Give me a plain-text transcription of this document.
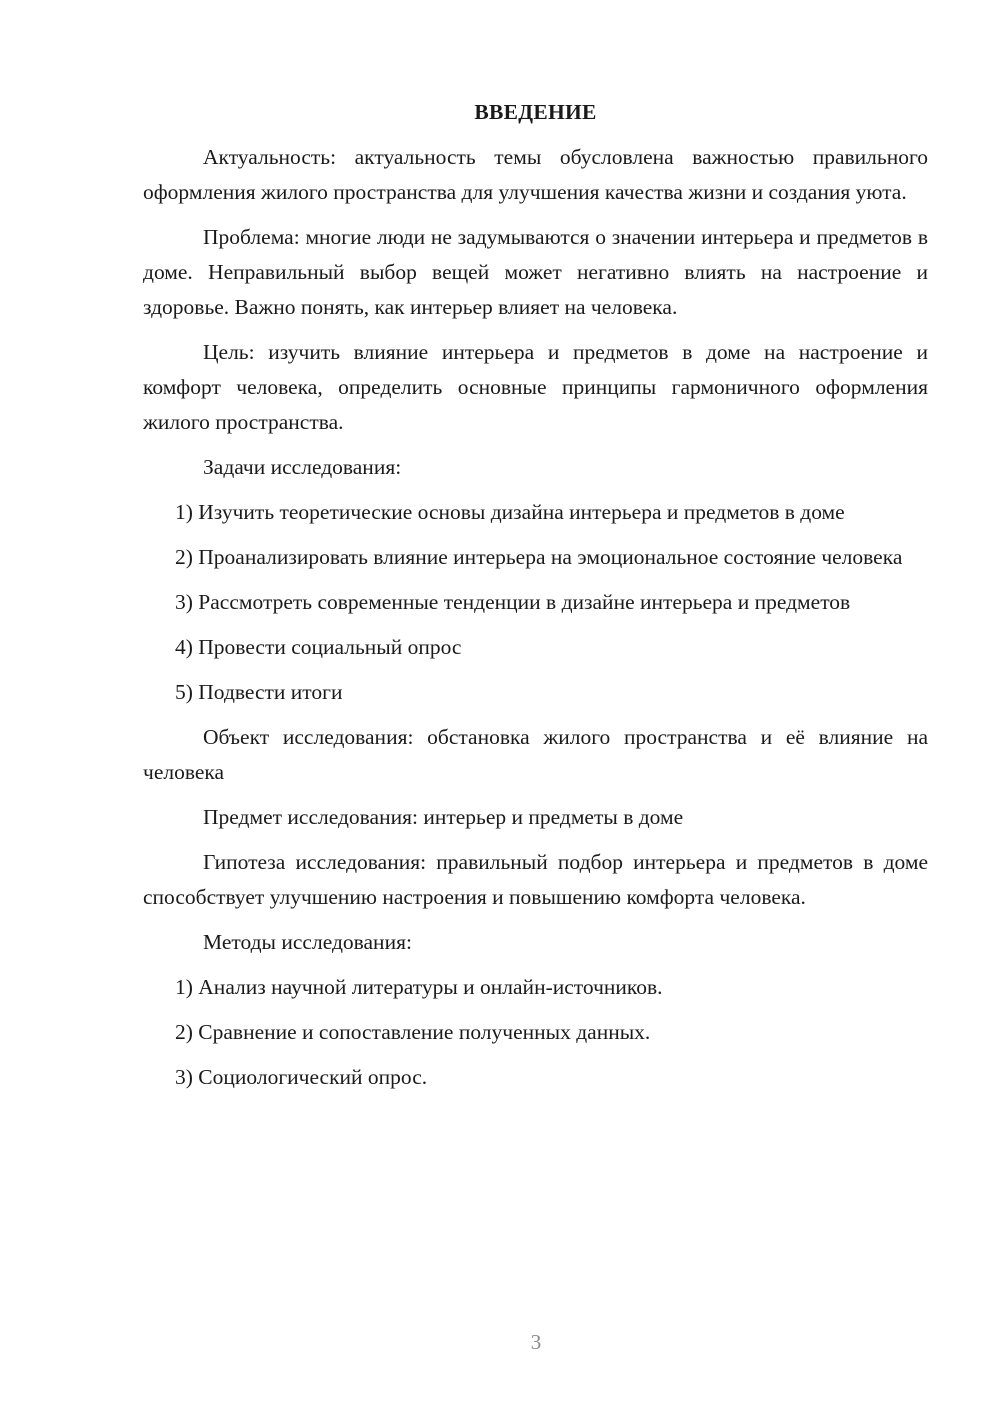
ВВЕДЕНИЕ

Актуальность: актуальность темы обусловлена важностью правильного оформления жилого пространства для улучшения качества жизни и создания уюта.

Проблема: многие люди не задумываются о значении интерьера и предметов в доме. Неправильный выбор вещей может негативно влиять на настроение и здоровье. Важно понять, как интерьер влияет на человека.

Цель: изучить влияние интерьера и предметов в доме на настроение и комфорт человека, определить основные принципы гармоничного оформления жилого пространства.

Задачи исследования:

1) Изучить теоретические основы дизайна интерьера и предметов в доме

2) Проанализировать влияние интерьера на эмоциональное состояние человека

3) Рассмотреть современные тенденции в дизайне интерьера и предметов

4) Провести социальный опрос

5) Подвести итоги

Объект исследования: обстановка жилого пространства и её влияние на человека

Предмет исследования: интерьер и предметы в доме

Гипотеза исследования: правильный подбор интерьера и предметов в доме способствует улучшению настроения и повышению комфорта человека.

Методы исследования:

1) Анализ научной литературы и онлайн-источников.

2) Сравнение и сопоставление полученных данных.

3) Социологический опрос.

3
